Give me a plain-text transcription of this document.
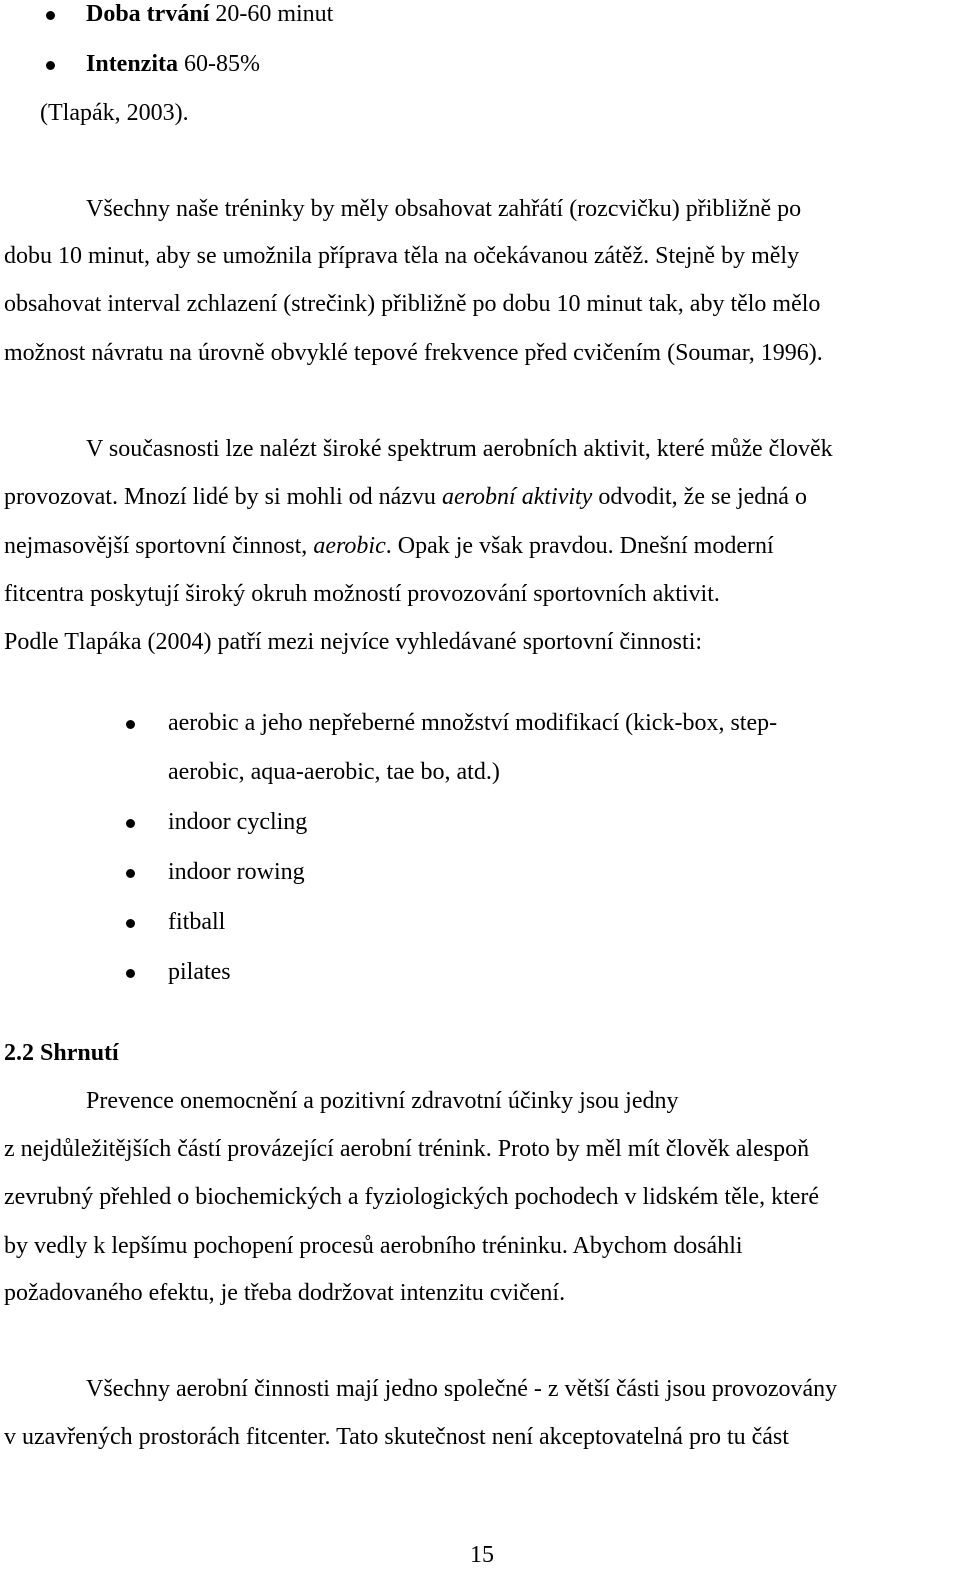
Doba trvání 20-60 minut
Intenzita 60-85%
(Tlapák, 2003).
Všechny naše tréninky by měly obsahovat zahřátí (rozcvičku) přibližně po
dobu 10 minut, aby se umožnila příprava těla na očekávanou zátěž. Stejně by měly
obsahovat interval zchlazení (strečink) přibližně po dobu 10 minut tak, aby tělo mělo
možnost návratu na úrovně obvyklé tepové frekvence před cvičením (Soumar, 1996).
V současnosti lze nalézt široké spektrum aerobních aktivit, které může člověk
provozovat. Mnozí lidé by si mohli od názvu aerobní aktivity odvodit, že se jedná o
nejmasovější sportovní činnost, aerobic. Opak je však pravdou. Dnešní moderní
fitcentra poskytují široký okruh možností provozování sportovních aktivit.
Podle Tlapáka (2004) patří mezi nejvíce vyhledávané sportovní činnosti:
aerobic a jeho nepřeberné množství modifikací (kick-box, step-
aerobic, aqua-aerobic, tae bo, atd.)
indoor cycling
indoor rowing
fitball
pilates
2.2 Shrnutí
Prevence onemocnění a pozitivní zdravotní účinky jsou jedny
z nejdůležitějších částí provázející aerobní trénink. Proto by měl mít člověk alespoň
zevrubný přehled o biochemických a fyziologických pochodech v lidském těle, které
by vedly k lepšímu pochopení procesů aerobního tréninku. Abychom dosáhli
požadovaného efektu, je třeba dodržovat intenzitu cvičení.
Všechny aerobní činnosti mají jedno společné - z větší části jsou provozovány
v uzavřených prostorách fitcenter. Tato skutečnost není akceptovatelná pro tu část
15
